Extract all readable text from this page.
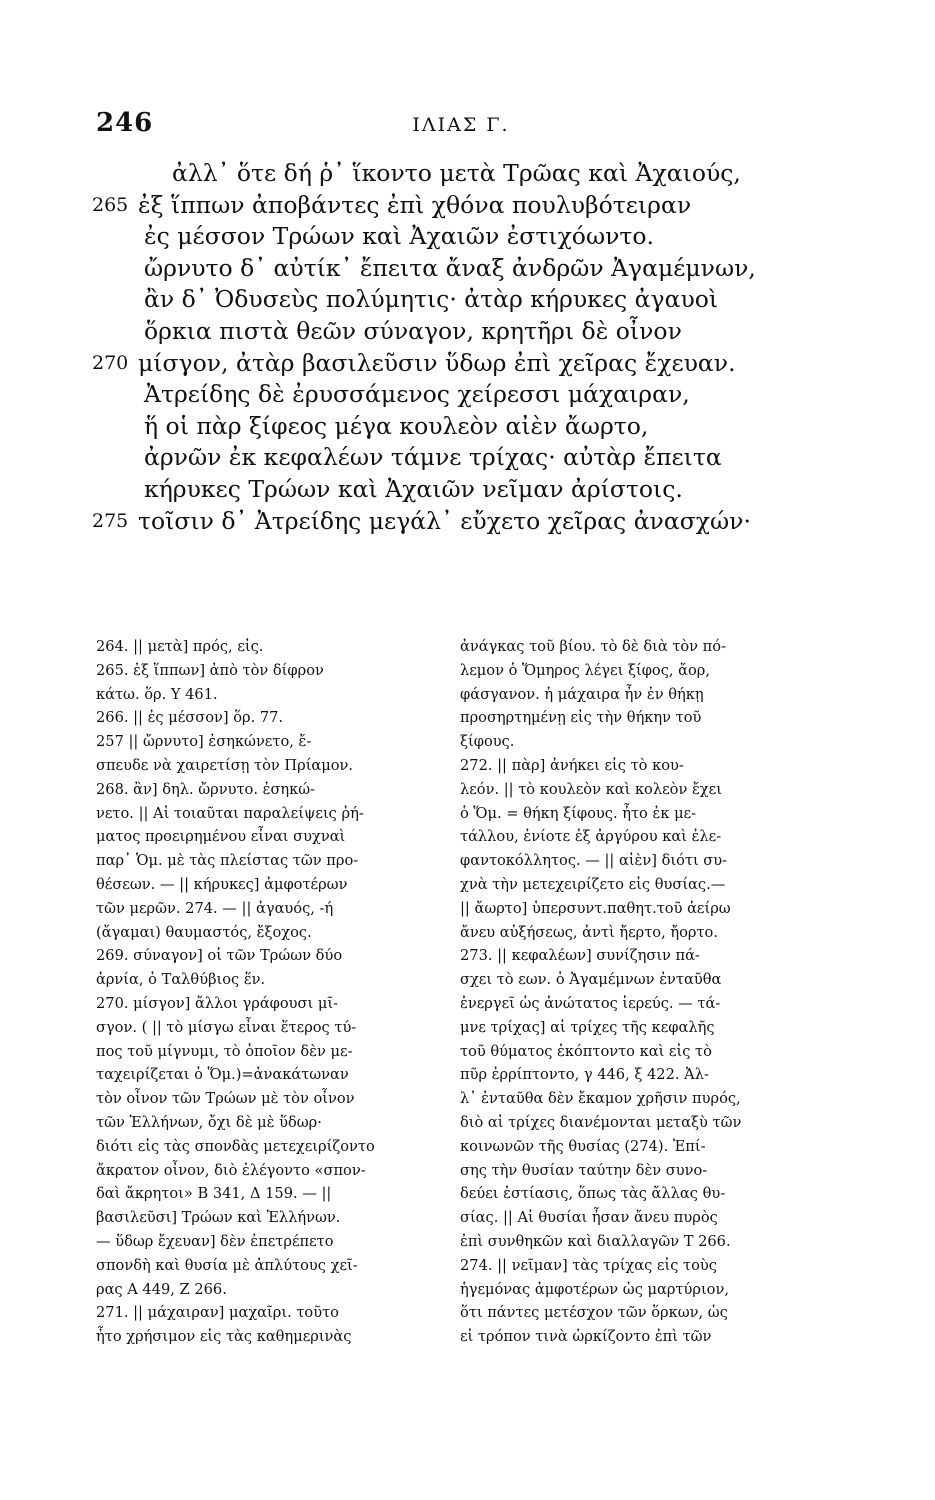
246	ΙΛΙΑΣ Γ.
ἀλλ᾽ ὅτε δή ῥ᾽ ἵκοντο μετὰ Τρῶας καὶ Ἀχαιούς,
265 ἐξ ἵππων ἀποβάντες ἐπὶ χθόνα πουλυβότειραν
ἐς μέσσον Τρώων καὶ Ἀχαιῶν ἐστιχόωντο.
ὤρνυτο δ᾽ αὐτίκ᾽ ἔπειτα ἄναξ ἀνδρῶν Ἀγαμέμνων,
ἂν δ᾽ Ὀδυσεὺς πολύμητις· ἀτὰρ κήρυκες ἀγαυοὶ
ὅρκια πιστὰ θεῶν σύναγον, κρητῆρι δὲ οἶνον
270 μίσγον, ἀτὰρ βασιλεῦσιν ὕδωρ ἐπὶ χεῖρας ἔχευαν.
Ἀτρείδης δὲ ἐρυσσάμενος χείρεσσι μάχαιραν,
ἥ οἱ πὰρ ξίφεος μέγα κουλεὸν αἰὲν ἄωρτο,
ἀρνῶν ἐκ κεφαλέων τάμνε τρίχας· αὐτὰρ ἔπειτα
κήρυκες Τρώων καὶ Ἀχαιῶν νεῖμαν ἀρίστοις.
275 τοῖσιν δ᾽ Ἀτρείδης μεγάλ᾽ εὔχετο χεῖρας ἀνασχών·
264. || μετὰ] πρός, εἰς.
265. ἐξ ἵππων] ἀπὸ τὸν δίφρον
κάτω. ὅρ. Υ 461.
266. || ἐς μέσσον] ὅρ. 77.
257 || ὤρνυτο] ἐσηκώνετο, ἔ-
σπευδε νὰ χαιρετίσῃ τὸν Πρίαμον.
268. ἂν] δηλ. ὤρνυτο. ἐσηκώ-
νετο. || Αἱ τοιαῦται παραλείψεις ῥή-
ματος προειρημένου εἶναι συχναὶ
παρ᾽ Ὁμ. μὲ τὰς πλείστας τῶν προ-
θέσεων. — || κήρυκες] ἀμφοτέρων
τῶν μερῶν. 274. — || ἀγαυός, -ή
(ἄγαμαι) θαυμαστός, ἔξοχος.
269. σύναγον] οἱ τῶν Τρώων δύο
ἀρνία, ὁ Ταλθύβιος ἕν.
270. μίσγον] ἄλλοι γράφουσι μῖ-
σγον. ( || τὸ μίσγω εἶναι ἕτερος τύ-
πος τοῦ μίγνυμι, τὸ ὁποῖον δὲν με-
ταχειρίζεται ὁ Ὅμ.)=ἀνακάτωναν
τὸν οἶνον τῶν Τρώων μὲ τὸν οἶνον
τῶν Ἑλλήνων, ὄχι δὲ μὲ ὕδωρ·
διότι εἰς τὰς σπονδὰς μετεχειρίζοντο
ἄκρατον οἶνον, διὸ ἐλέγοντο «σπον-
δαὶ ἄκρητοι» Β 341, Δ 159. — ||
βασιλεῦσι] Τρώων καὶ Ἑλλήνων.
— ὕδωρ ἔχευαν] δὲν ἐπετρέπετο
σπονδὴ καὶ θυσία μὲ ἀπλύτους χεῖ-
ρας Α 449, Ζ 266.
271. || μάχαιραν] μαχαῖρι. τοῦτο
ἦτο χρήσιμον εἰς τὰς καθημερινὰς
ἀνάγκας τοῦ βίου. τὸ δὲ διὰ τὸν πό-
λεμον ὁ Ὅμηρος λέγει ξίφος, ἄορ,
φάσγανον. ἡ μάχαιρα ἦν ἐν θήκῃ
προσηρτημένῃ εἰς τὴν θήκην τοῦ
ξίφους.
272. || πὰρ] ἀνήκει εἰς τὸ κου-
λεόν. || τὸ κουλεὸν καὶ κολεὸν ἔχει
ὁ Ὅμ. = θήκη ξίφους. ἦτο ἐκ με-
τάλλου, ἐνίοτε ἐξ ἀργύρου καὶ ἐλε-
φαντοκόλλητος. — || αἰὲν] διότι συ-
χνὰ τὴν μετεχειρίζετο εἰς θυσίας.—
|| ἄωρτο] ὑπερσυντ.παθητ.τοῦ ἀείρω
ἄνευ αὐξήσεως, ἀντὶ ἤερτο, ἤορτο.
273. || κεφαλέων] συνίζησιν πά-
σχει τὸ εων. ὁ Ἀγαμέμνων ἐνταῦθα
ἐνεργεῖ ὡς ἀνώτατος ἱερεύς. — τά-
μνε τρίχας] αἱ τρίχες τῆς κεφαλῆς
τοῦ θύματος ἐκόπτοντο καὶ εἰς τὸ
πῦρ ἐρρίπτοντο, γ 446, ξ 422. Ἀλ-
λ᾽ ἐνταῦθα δὲν ἔκαμον χρῆσιν πυρός,
διὸ αἱ τρίχες διανέμονται μεταξὺ τῶν
κοινωνῶν τῆς θυσίας (274). Ἐπί-
σης τὴν θυσίαν ταύτην δὲν συνο-
δεύει ἑστίασις, ὅπως τὰς ἄλλας θυ-
σίας. || Αἱ θυσίαι ἦσαν ἄνευ πυρὸς
ἐπὶ συνθηκῶν καὶ διαλλαγῶν Τ 266.
274. || νεῖμαν] τὰς τρίχας εἰς τοὺς
ἡγεμόνας ἀμφοτέρων ὡς μαρτύριον,
ὅτι πάντες μετέσχον τῶν ὅρκων, ὡς
εἰ τρόπον τινὰ ὡρκίζοντο ἐπὶ τῶν
